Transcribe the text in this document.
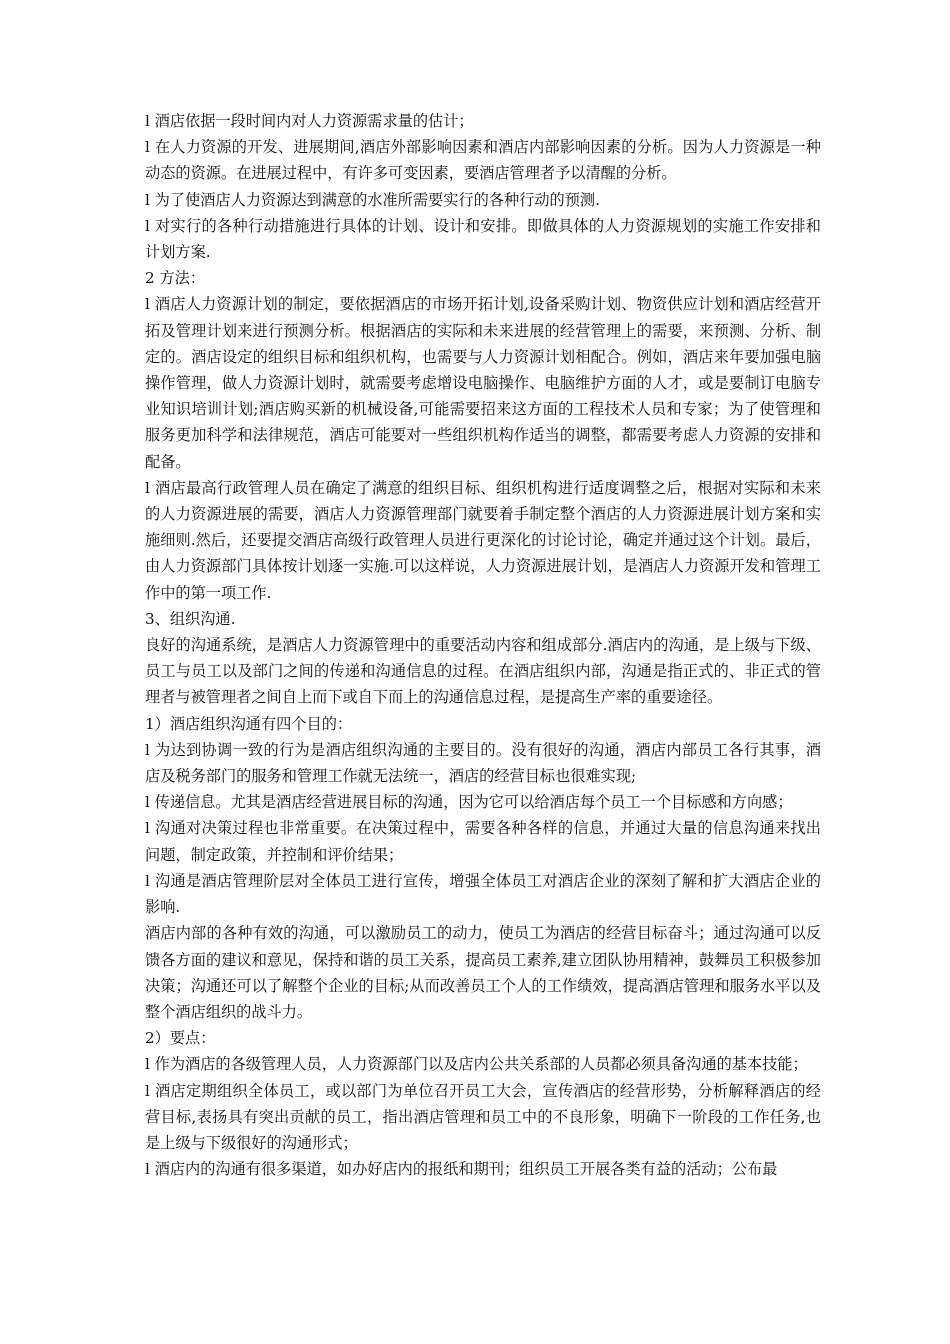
l 酒店依据一段时间内对人力资源需求量的估计；

l 在人力资源的开发、进展期间,酒店外部影响因素和酒店内部影响因素的分析。因为人力资源是一种动态的资源。在进展过程中，有许多可变因素，要酒店管理者予以清醒的分析。

l 为了使酒店人力资源达到满意的水准所需要实行的各种行动的预测.

l 对实行的各种行动措施进行具体的计划、设计和安排。即做具体的人力资源规划的实施工作安排和计划方案.

2 方法：

l 酒店人力资源计划的制定，要依据酒店的市场开拓计划,设备采购计划、物资供应计划和酒店经营开拓及管理计划来进行预测分析。根据酒店的实际和未来进展的经营管理上的需要，来预测、分析、制定的。酒店设定的组织目标和组织机构，也需要与人力资源计划相配合。例如，酒店来年要加强电脑操作管理，做人力资源计划时，就需要考虑增设电脑操作、电脑维护方面的人才，或是要制订电脑专业知识培训计划;酒店购买新的机械设备,可能需要招来这方面的工程技术人员和专家；为了使管理和服务更加科学和法律规范，酒店可能要对一些组织机构作适当的调整，都需要考虑人力资源的安排和配备。

l 酒店最高行政管理人员在确定了满意的组织目标、组织机构进行适度调整之后，根据对实际和未来的人力资源进展的需要，酒店人力资源管理部门就要着手制定整个酒店的人力资源进展计划方案和实施细则.然后，还要提交酒店高级行政管理人员进行更深化的讨论讨论，确定并通过这个计划。最后，由人力资源部门具体按计划逐一实施.可以这样说，人力资源进展计划，是酒店人力资源开发和管理工作中的第一项工作.

3、组织沟通.

良好的沟通系统，是酒店人力资源管理中的重要活动内容和组成部分.酒店内的沟通，是上级与下级、员工与员工以及部门之间的传递和沟通信息的过程。在酒店组织内部，沟通是指正式的、非正式的管理者与被管理者之间自上而下或自下而上的沟通信息过程，是提高生产率的重要途径。

1）酒店组织沟通有四个目的：

l 为达到协调一致的行为是酒店组织沟通的主要目的。没有很好的沟通，酒店内部员工各行其事，酒店及税务部门的服务和管理工作就无法统一，酒店的经营目标也很难实现;

l 传递信息。尤其是酒店经营进展目标的沟通，因为它可以给酒店每个员工一个目标感和方向感；

l 沟通对决策过程也非常重要。在决策过程中，需要各种各样的信息，并通过大量的信息沟通来找出问题，制定政策，并控制和评价结果；

l 沟通是酒店管理阶层对全体员工进行宣传，增强全体员工对酒店企业的深刻了解和扩大酒店企业的影响.

酒店内部的各种有效的沟通，可以激励员工的动力，使员工为酒店的经营目标奋斗；通过沟通可以反馈各方面的建议和意见，保持和谐的员工关系，提高员工素养,建立团队协用精神，鼓舞员工积极参加决策；沟通还可以了解整个企业的目标;从而改善员工个人的工作绩效，提高酒店管理和服务水平以及整个酒店组织的战斗力。

2）要点：

l 作为酒店的各级管理人员，人力资源部门以及店内公共关系部的人员都必须具备沟通的基本技能；

l 酒店定期组织全体员工，或以部门为单位召开员工大会，宣传酒店的经营形势，分析解释酒店的经营目标,表扬具有突出贡献的员工，指出酒店管理和员工中的不良形象，明确下一阶段的工作任务,也是上级与下级很好的沟通形式；

l 酒店内的沟通有很多渠道，如办好店内的报纸和期刊；组织员工开展各类有益的活动；公布最
